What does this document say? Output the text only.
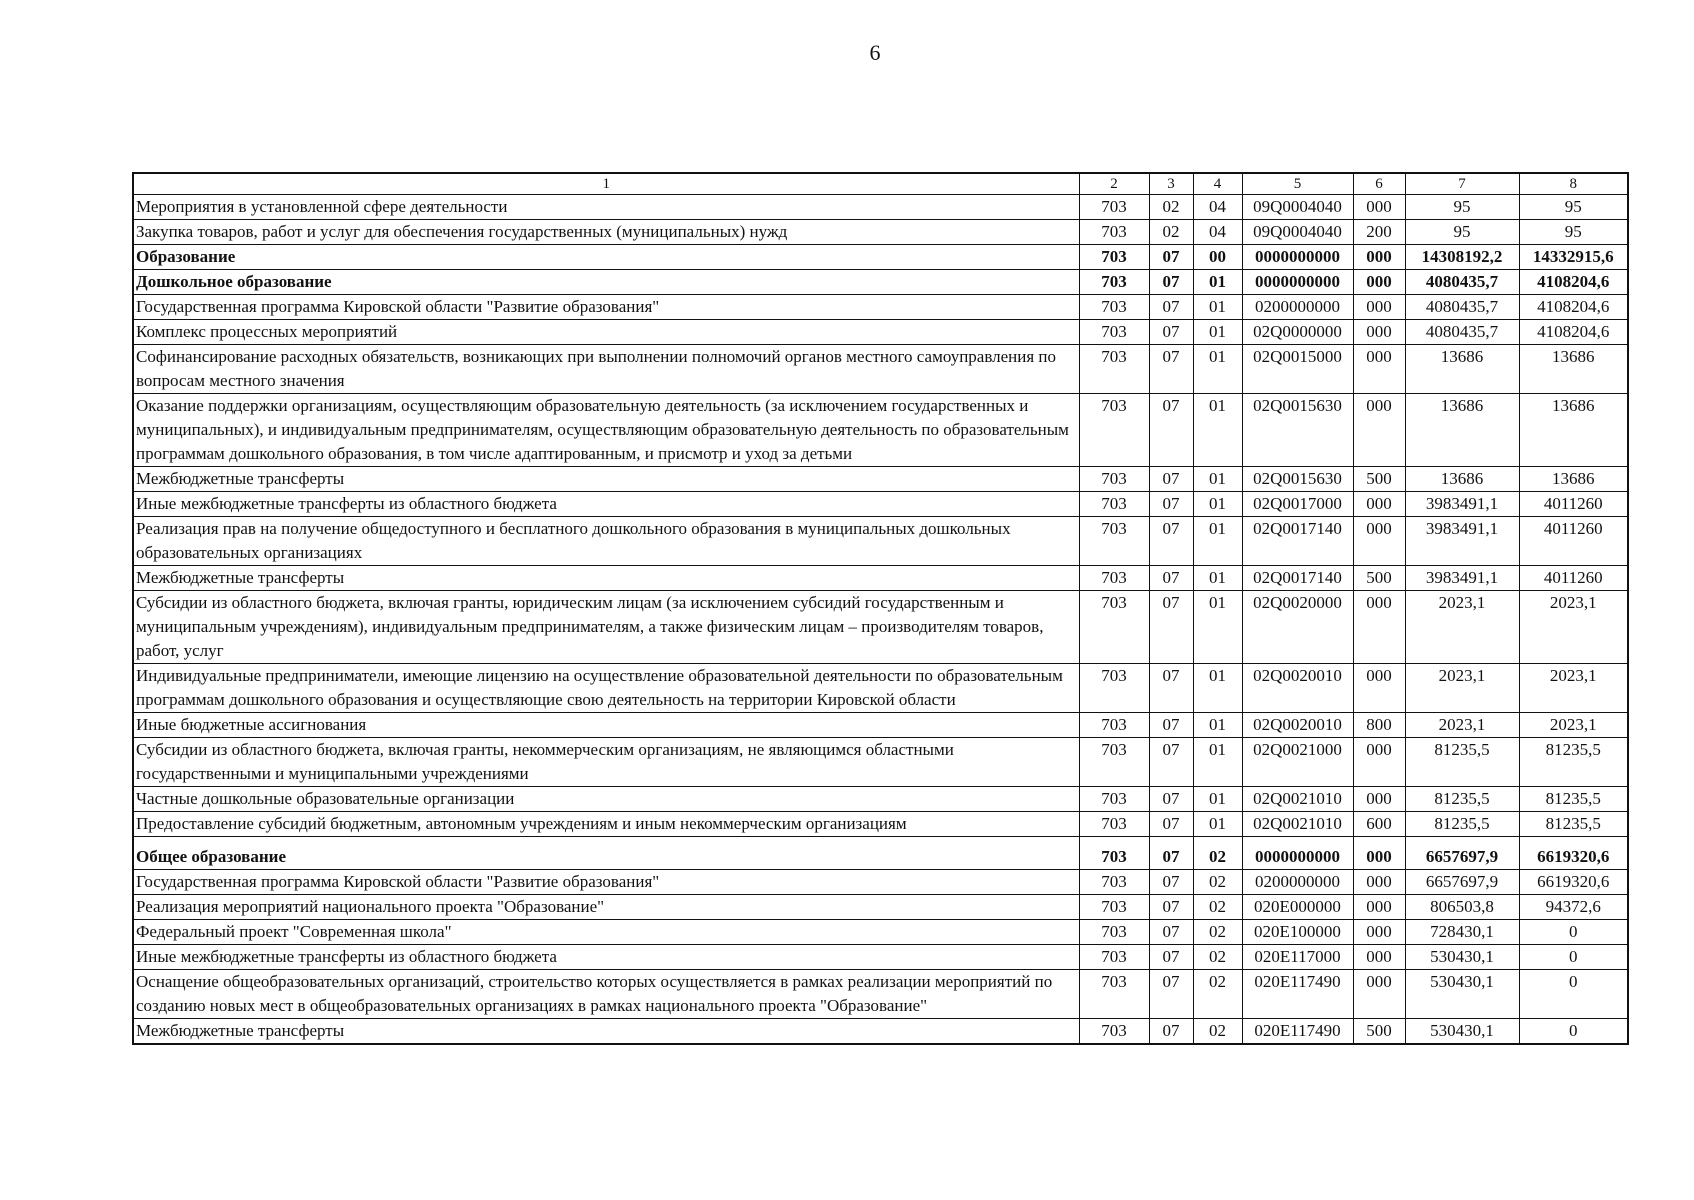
6
1	2	3	4	5	6	7	8
Мероприятия в установленной сфере деятельности	703	02	04	09Q0004040	000	95	95
Закупка товаров, работ и услуг для обеспечения государственных (муниципальных) нужд	703	02	04	09Q0004040	200	95	95
Образование	703	07	00	0000000000	000	14308192,2	14332915,6
Дошкольное образование	703	07	01	0000000000	000	4080435,7	4108204,6
Государственная программа Кировской области "Развитие образования"	703	07	01	0200000000	000	4080435,7	4108204,6
Комплекс процессных мероприятий	703	07	01	02Q0000000	000	4080435,7	4108204,6
Софинансирование расходных обязательств, возникающих при выполнении полномочий органов местного самоуправления по вопросам местного значения	703	07	01	02Q0015000	000	13686	13686
Оказание поддержки организациям, осуществляющим образовательную деятельность (за исключением государственных и муниципальных), и индивидуальным предпринимателям, осуществляющим образовательную деятельность по образовательным программам дошкольного образования, в том числе адаптированным, и присмотр и уход за детьми	703	07	01	02Q0015630	000	13686	13686
Межбюджетные трансферты	703	07	01	02Q0015630	500	13686	13686
Иные межбюджетные трансферты из областного бюджета	703	07	01	02Q0017000	000	3983491,1	4011260
Реализация прав на получение общедоступного и бесплатного дошкольного образования в муниципальных дошкольных образовательных организациях	703	07	01	02Q0017140	000	3983491,1	4011260
Межбюджетные трансферты	703	07	01	02Q0017140	500	3983491,1	4011260
Субсидии из областного бюджета, включая гранты, юридическим лицам (за исключением субсидий государственным и муниципальным учреждениям), индивидуальным предпринимателям, а также физическим лицам – производителям товаров, работ, услуг	703	07	01	02Q0020000	000	2023,1	2023,1
Индивидуальные предприниматели, имеющие лицензию на осуществление образовательной деятельности по образовательным программам дошкольного образования и осуществляющие свою деятельность на территории Кировской области	703	07	01	02Q0020010	000	2023,1	2023,1
Иные бюджетные ассигнования	703	07	01	02Q0020010	800	2023,1	2023,1
Субсидии из областного бюджета, включая гранты, некоммерческим организациям, не являющимся областными государственными и муниципальными учреждениями	703	07	01	02Q0021000	000	81235,5	81235,5
Частные дошкольные образовательные организации	703	07	01	02Q0021010	000	81235,5	81235,5
Предоставление субсидий бюджетным, автономным учреждениям и иным некоммерческим организациям	703	07	01	02Q0021010	600	81235,5	81235,5
Общее образование	703	07	02	0000000000	000	6657697,9	6619320,6
Государственная программа Кировской области "Развитие образования"	703	07	02	0200000000	000	6657697,9	6619320,6
Реализация мероприятий национального проекта "Образование"	703	07	02	020E000000	000	806503,8	94372,6
Федеральный проект "Современная школа"	703	07	02	020E100000	000	728430,1	0
Иные межбюджетные трансферты из областного бюджета	703	07	02	020E117000	000	530430,1	0
Оснащение общеобразовательных организаций, строительство которых осуществляется в рамках реализации мероприятий по созданию новых мест в общеобразовательных организациях в рамках национального проекта "Образование"	703	07	02	020E117490	000	530430,1	0
Межбюджетные трансферты	703	07	02	020E117490	500	530430,1	0
